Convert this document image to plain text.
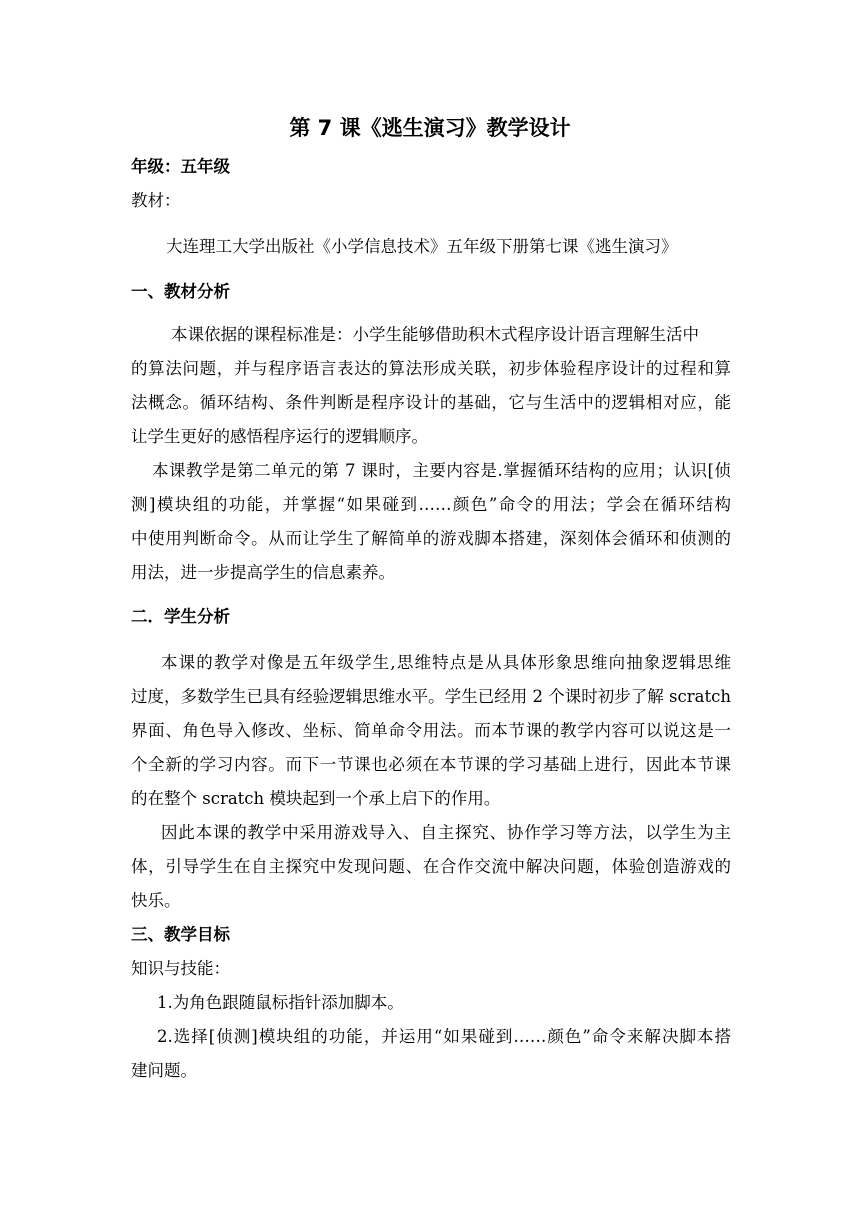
第 7 课《逃生演习》教学设计
年级：五年级
教材：
大连理工大学出版社《小学信息技术》五年级下册第七课《逃生演习》
一、教材分析
本课依据的课程标准是：小学生能够借助积木式程序设计语言理解生活中
的算法问题，并与程序语言表达的算法形成关联，初步体验程序设计的过程和算
法概念。循环结构、条件判断是程序设计的基础，它与生活中的逻辑相对应，能
让学生更好的感悟程序运行的逻辑顺序。
本课教学是第二单元的第 7 课时，主要内容是.掌握循环结构的应用；认识[侦
测]模块组的功能，并掌握“如果碰到……颜色”命令的用法；学会在循环结构
中使用判断命令。从而让学生了解简单的游戏脚本搭建，深刻体会循环和侦测的
用法，进一步提高学生的信息素养。
二．学生分析
本课的教学对像是五年级学生,思维特点是从具体形象思维向抽象逻辑思维
过度，多数学生已具有经验逻辑思维水平。学生已经用 2 个课时初步了解 scratch
界面、角色导入修改、坐标、简单命令用法。而本节课的教学内容可以说这是一
个全新的学习内容。而下一节课也必须在本节课的学习基础上进行，因此本节课
的在整个 scratch 模块起到一个承上启下的作用。
因此本课的教学中采用游戏导入、自主探究、协作学习等方法，以学生为主
体，引导学生在自主探究中发现问题、在合作交流中解决问题，体验创造游戏的
快乐。
三、教学目标
知识与技能：
1.为角色跟随鼠标指针添加脚本。
2.选择[侦测]模块组的功能，并运用“如果碰到……颜色”命令来解决脚本搭
建问题。
